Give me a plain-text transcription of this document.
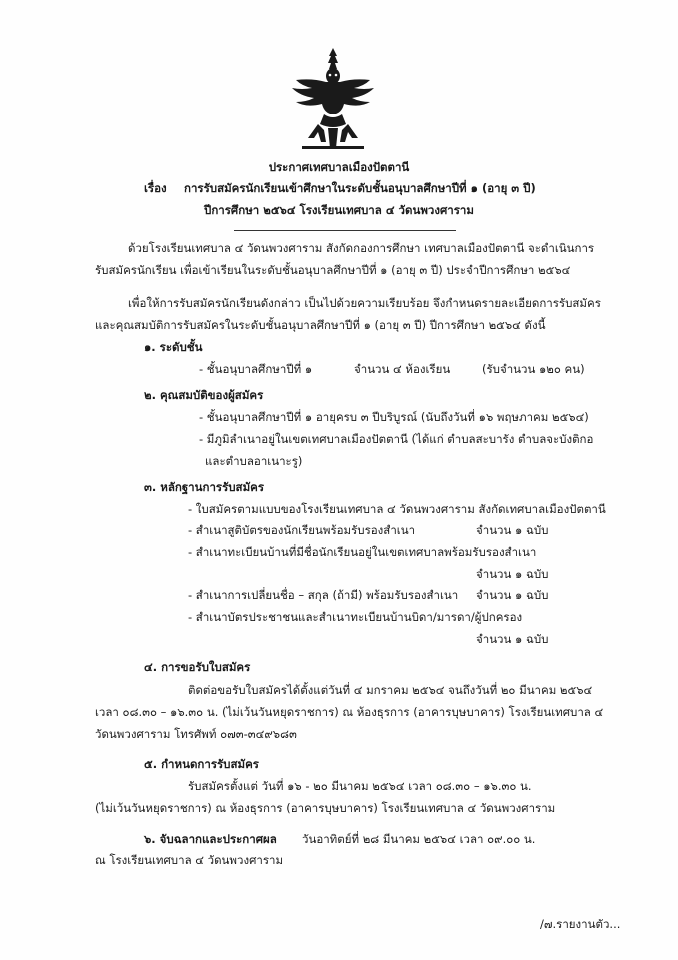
ประกาศเทศบาลเมืองปัตตานี
เรื่อง การรับสมัครนักเรียนเข้าศึกษาในระดับชั้นอนุบาลศึกษาปีที่ ๑ (อายุ ๓ ปี)
ปีการศึกษา ๒๕๖๔ โรงเรียนเทศบาล ๔ วัดนพวงศาราม
ด้วยโรงเรียนเทศบาล ๔ วัดนพวงศาราม สังกัดกองการศึกษา เทศบาลเมืองปัตตานี จะดำเนินการ
รับสมัครนักเรียน เพื่อเข้าเรียนในระดับชั้นอนุบาลศึกษาปีที่ ๑ (อายุ ๓ ปี) ประจำปีการศึกษา ๒๕๖๔
เพื่อให้การรับสมัครนักเรียนดังกล่าว เป็นไปด้วยความเรียบร้อย จึงกำหนดรายละเอียดการรับสมัคร
และคุณสมบัติการรับสมัครในระดับชั้นอนุบาลศึกษาปีที่ ๑ (อายุ ๓ ปี) ปีการศึกษา ๒๕๖๔ ดังนี้
๑. ระดับชั้น
- ชั้นอนุบาลศึกษาปีที่ ๑	จำนวน ๔ ห้องเรียน	(รับจำนวน ๑๒๐ คน)
๒. คุณสมบัติของผู้สมัคร
- ชั้นอนุบาลศึกษาปีที่ ๑ อายุครบ ๓ ปีบริบูรณ์ (นับถึงวันที่ ๑๖ พฤษภาคม ๒๕๖๔)
- มีภูมิลำเนาอยู่ในเขตเทศบาลเมืองปัตตานี (ได้แก่ ตำบลสะบารัง ตำบลจะบังติกอ
และตำบลอาเนาะรู)
๓. หลักฐานการรับสมัคร
- ใบสมัครตามแบบของโรงเรียนเทศบาล ๔ วัดนพวงศาราม สังกัดเทศบาลเมืองปัตตานี
- สำเนาสูติบัตรของนักเรียนพร้อมรับรองสำเนา	จำนวน ๑ ฉบับ
- สำเนาทะเบียนบ้านที่มีชื่อนักเรียนอยู่ในเขตเทศบาลพร้อมรับรองสำเนา
จำนวน ๑ ฉบับ
- สำเนาการเปลี่ยนชื่อ – สกุล (ถ้ามี) พร้อมรับรองสำเนา จำนวน ๑ ฉบับ
- สำเนาบัตรประชาชนและสำเนาทะเบียนบ้านบิดา/มารดา/ผู้ปกครอง
จำนวน ๑ ฉบับ
๔. การขอรับใบสมัคร
ติดต่อขอรับใบสมัครได้ตั้งแต่วันที่ ๔ มกราคม ๒๕๖๔ จนถึงวันที่ ๒๐ มีนาคม ๒๕๖๔
เวลา ๐๘.๓๐ – ๑๖.๓๐ น. (ไม่เว้นวันหยุดราชการ) ณ ห้องธุรการ (อาคารบุษบาคาร) โรงเรียนเทศบาล ๔
วัดนพวงศาราม โทรศัพท์ ๐๗๓-๓๔๙๖๘๓
๕. กำหนดการรับสมัคร
รับสมัครตั้งแต่ วันที่ ๑๖ - ๒๐ มีนาคม ๒๕๖๔ เวลา ๐๘.๓๐ – ๑๖.๓๐ น.
(ไม่เว้นวันหยุดราชการ) ณ ห้องธุรการ (อาคารบุษบาคาร) โรงเรียนเทศบาล ๔ วัดนพวงศาราม
๖. จับฉลากและประกาศผล วันอาทิตย์ที่ ๒๘ มีนาคม ๒๕๖๔ เวลา ๐๙.๐๐ น.
ณ โรงเรียนเทศบาล ๔ วัดนพวงศาราม
/๗.รายงานตัว...
